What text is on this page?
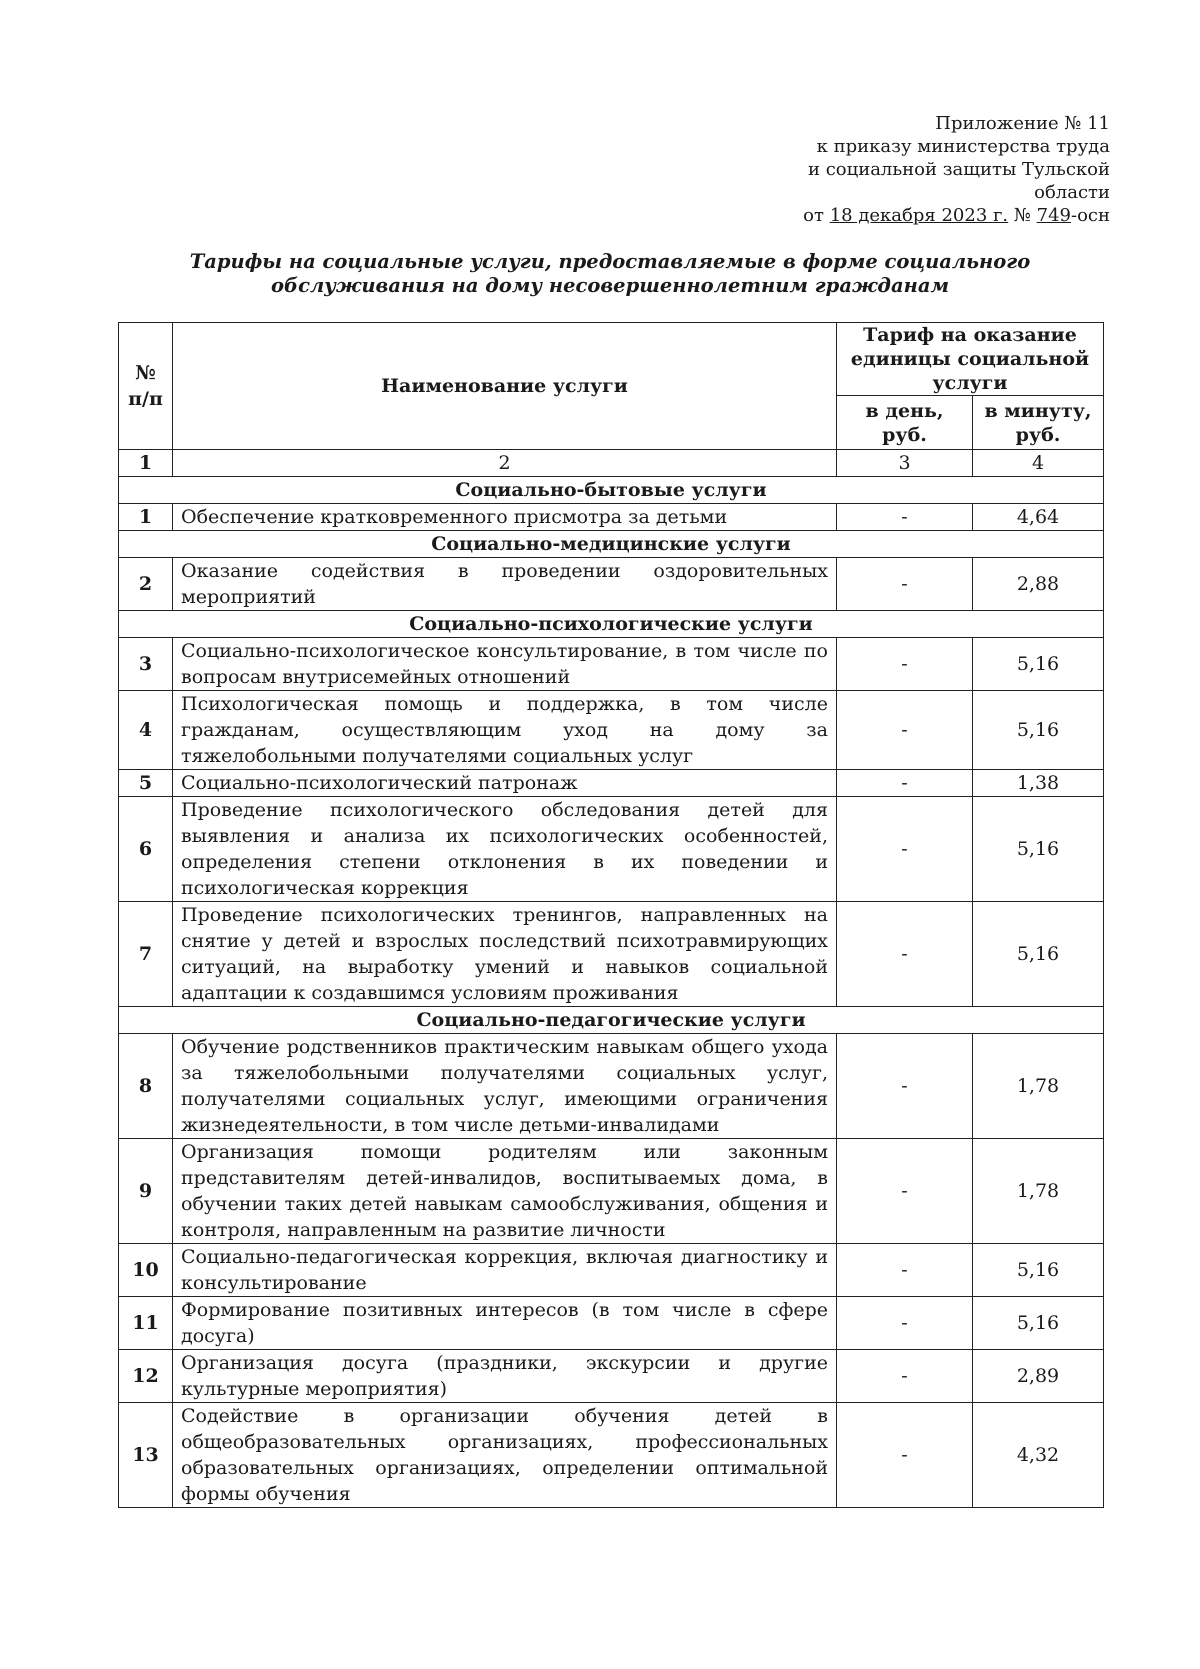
Приложение № 11
к приказу министерства труда
и социальной защиты Тульской
области
от 18 декабря 2023 г. № 749-осн
Тарифы на социальные услуги, предоставляемые в форме социального обслуживания на дому несовершеннолетним гражданам
№ п/п	Наименование услуги	Тариф на оказание единицы социальной услуги	
		в день, руб.	в минуту, руб.
1	2	3	4
Социально-бытовые услуги			
1	Обеспечение кратковременного присмотра за детьми	-	4,64
Социально-медицинские услуги			
2	Оказание содействия в проведении оздоровительных мероприятий	-	2,88
Социально-психологические услуги			
3	Социально-психологическое консультирование, в том числе по вопросам внутрисемейных отношений	-	5,16
4	Психологическая помощь и поддержка, в том числе гражданам, осуществляющим уход на дому за тяжелобольными получателями социальных услуг	-	5,16
5	Социально-психологический патронаж	-	1,38
6	Проведение психологического обследования детей для выявления и анализа их психологических особенностей, определения степени отклонения в их поведении и психологическая коррекция	-	5,16
7	Проведение психологических тренингов, направленных на снятие у детей и взрослых последствий психотравмирующих ситуаций, на выработку умений и навыков социальной адаптации к создавшимся условиям проживания	-	5,16
Социально-педагогические услуги			
8	Обучение родственников практическим навыкам общего ухода за тяжелобольными получателями социальных услуг, получателями социальных услуг, имеющими ограничения жизнедеятельности, в том числе детьми-инвалидами	-	1,78
9	Организация помощи родителям или законным представителям детей-инвалидов, воспитываемых дома, в обучении таких детей навыкам самообслуживания, общения и контроля, направленным на развитие личности	-	1,78
10	Социально-педагогическая коррекция, включая диагностику и консультирование	-	5,16
11	Формирование позитивных интересов (в том числе в сфере досуга)	-	5,16
12	Организация досуга (праздники, экскурсии и другие культурные мероприятия)	-	2,89
13	Содействие в организации обучения детей в общеобразовательных организациях, профессиональных образовательных организациях, определении оптимальной формы обучения	-	4,32
